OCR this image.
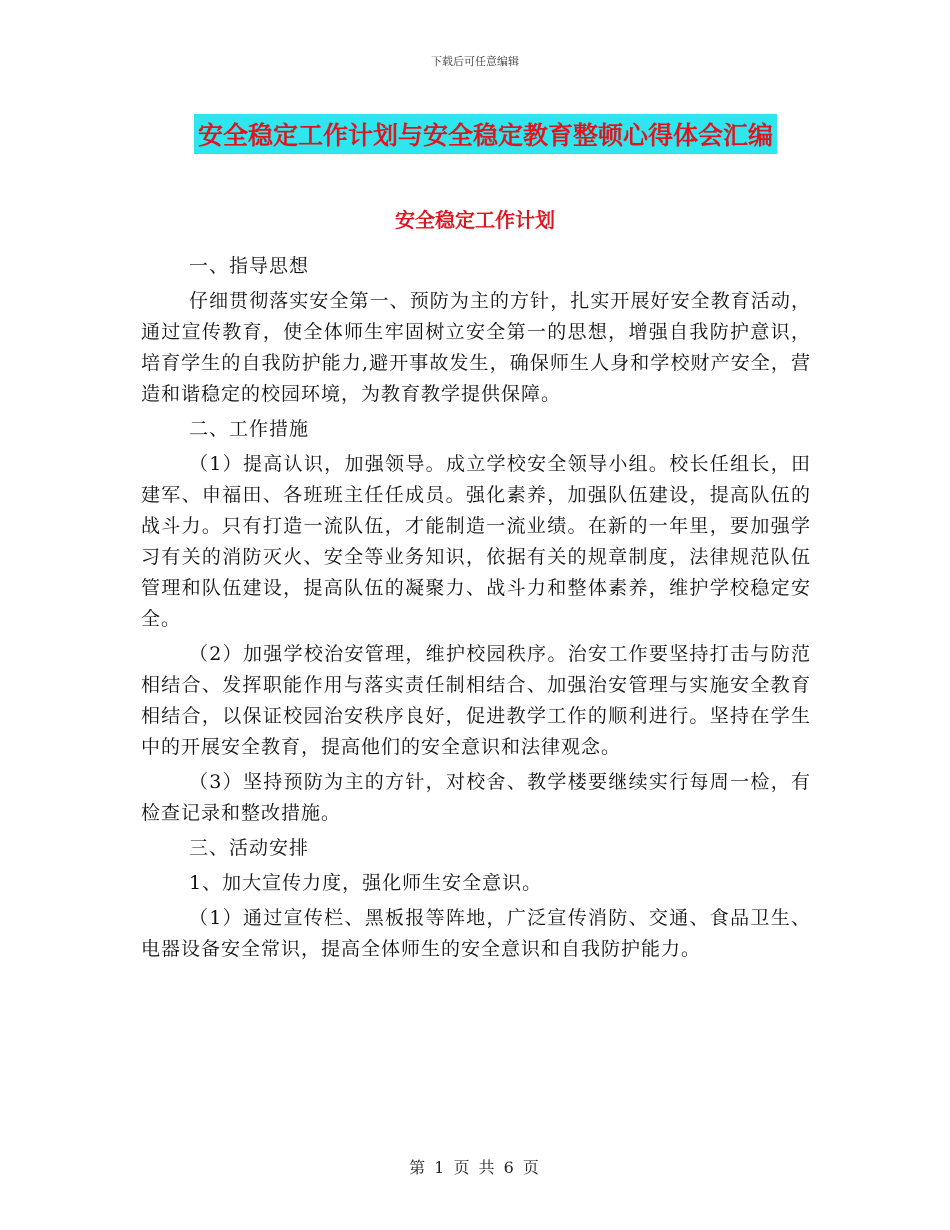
下载后可任意编辑
安全稳定工作计划与安全稳定教育整顿心得体会汇编
安全稳定工作计划

一、指导思想

仔细贯彻落实安全第一、预防为主的方针，扎实开展好安全教育活动，通过宣传教育，使全体师生牢固树立安全第一的思想，增强自我防护意识，培育学生的自我防护能力,避开事故发生，确保师生人身和学校财产安全，营造和谐稳定的校园环境，为教育教学提供保障。

二、工作措施

（1）提高认识，加强领导。成立学校安全领导小组。校长任组长，田建军、申福田、各班班主任任成员。强化素养，加强队伍建设，提高队伍的战斗力。只有打造一流队伍，才能制造一流业绩。在新的一年里，要加强学习有关的消防灭火、安全等业务知识，依据有关的规章制度，法律规范队伍管理和队伍建设，提高队伍的凝聚力、战斗力和整体素养，维护学校稳定安全。

（2）加强学校治安管理，维护校园秩序。治安工作要坚持打击与防范相结合、发挥职能作用与落实责任制相结合、加强治安管理与实施安全教育相结合，以保证校园治安秩序良好，促进教学工作的顺利进行。坚持在学生中的开展安全教育，提高他们的安全意识和法律观念。

（3）坚持预防为主的方针，对校舍、教学楼要继续实行每周一检，有检查记录和整改措施。

三、活动安排

1、加大宣传力度，强化师生安全意识。

（1）通过宣传栏、黑板报等阵地，广泛宣传消防、交通、食品卫生、电器设备安全常识，提高全体师生的安全意识和自我防护能力。

第 1 页 共 6 页
